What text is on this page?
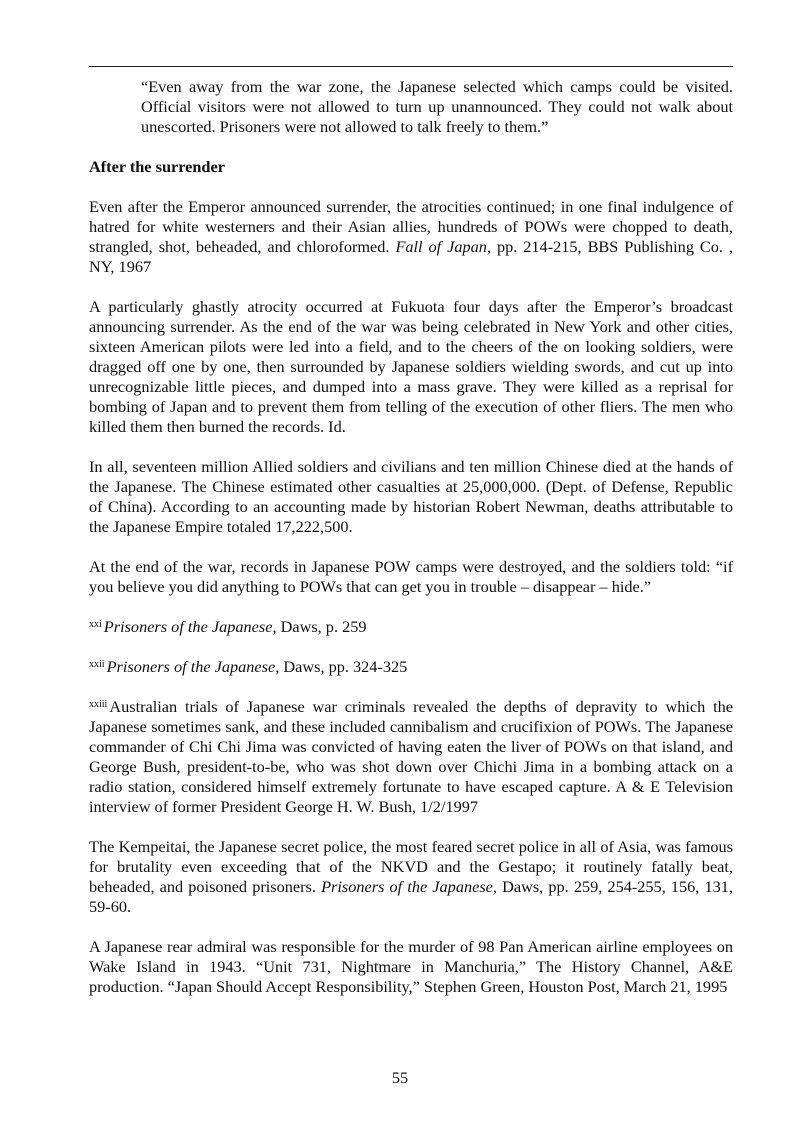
“Even away from the war zone, the Japanese selected which camps could be visited. Official visitors were not allowed to turn up unannounced. They could not walk about unescorted. Prisoners were not allowed to talk freely to them.”
After the surrender

Even after the Emperor announced surrender, the atrocities continued; in one final indulgence of hatred for white westerners and their Asian allies, hundreds of POWs were chopped to death, strangled, shot, beheaded, and chloroformed. Fall of Japan, pp. 214-215, BBS Publishing Co. , NY, 1967

A particularly ghastly atrocity occurred at Fukuota four days after the Emperor’s broadcast announcing surrender. As the end of the war was being celebrated in New York and other cities, sixteen American pilots were led into a field, and to the cheers of the on looking soldiers, were dragged off one by one, then surrounded by Japanese soldiers wielding swords, and cut up into unrecognizable little pieces, and dumped into a mass grave. They were killed as a reprisal for bombing of Japan and to prevent them from telling of the execution of other fliers. The men who killed them then burned the records. Id.

In all, seventeen million Allied soldiers and civilians and ten million Chinese died at the hands of the Japanese. The Chinese estimated other casualties at 25,000,000. (Dept. of Defense, Republic of China). According to an accounting made by historian Robert Newman, deaths attributable to the Japanese Empire totaled 17,222,500.

At the end of the war, records in Japanese POW camps were destroyed, and the soldiers told: “if you believe you did anything to POWs that can get you in trouble – disappear – hide.”

$^{xxi}$ Prisoners of the Japanese, Daws, p. 259
$^{xxii}$ Prisoners of the Japanese, Daws, pp. 324-325
$^{xxiii}$ Australian trials of Japanese war criminals revealed the depths of depravity to which the Japanese sometimes sank, and these included cannibalism and crucifixion of POWs. The Japanese commander of Chi Chi Jima was convicted of having eaten the liver of POWs on that island, and George Bush, president-to-be, who was shot down over Chichi Jima in a bombing attack on a radio station, considered himself extremely fortunate to have escaped capture. A & E Television interview of former President George H. W. Bush, 1/2/1997

The Kempeitai, the Japanese secret police, the most feared secret police in all of Asia, was famous for brutality even exceeding that of the NKVD and the Gestapo; it routinely fatally beat, beheaded, and poisoned prisoners. Prisoners of the Japanese, Daws, pp. 259, 254-255, 156, 131, 59-60.

A Japanese rear admiral was responsible for the murder of 98 Pan American airline employees on Wake Island in 1943. “Unit 731, Nightmare in Manchuria,” The History Channel, A&E production. “Japan Should Accept Responsibility,” Stephen Green, Houston Post, March 21, 1995

55
